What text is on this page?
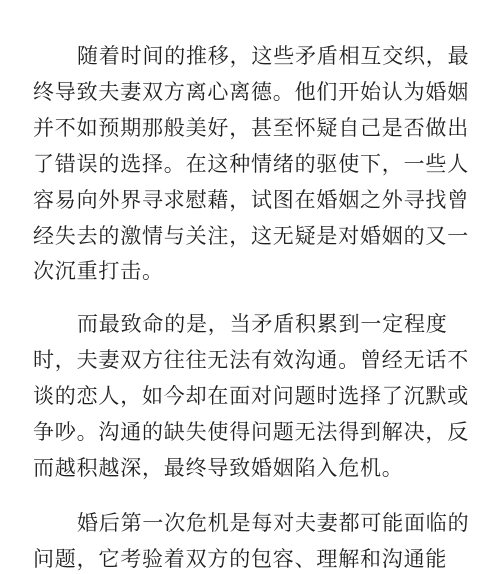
随着时间的推移，这些矛盾相互交织，最
终导致夫妻双方离心离德。他们开始认为婚姻
并不如预期那般美好，甚至怀疑自己是否做出
了错误的选择。在这种情绪的驱使下，一些人
容易向外界寻求慰藉，试图在婚姻之外寻找曾
经失去的激情与关注，这无疑是对婚姻的又一
次沉重打击。
而最致命的是，当矛盾积累到一定程度
时，夫妻双方往往无法有效沟通。曾经无话不
谈的恋人，如今却在面对问题时选择了沉默或
争吵。沟通的缺失使得问题无法得到解决，反
而越积越深，最终导致婚姻陷入危机。
婚后第一次危机是每对夫妻都可能面临的
问题，它考验着双方的包容、理解和沟通能
